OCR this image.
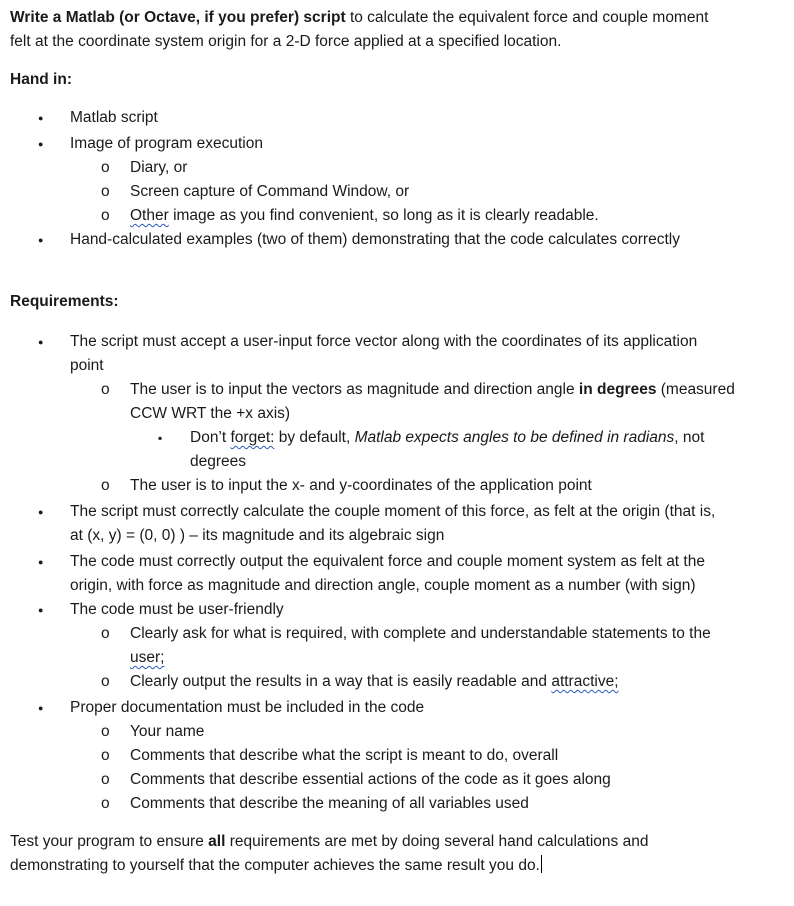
Write a Matlab (or Octave, if you prefer) script to calculate the equivalent force and couple moment
felt at the coordinate system origin for a 2-D force applied at a specified location.
Hand in:
● Matlab script
● Image of program execution
o Diary, or
o Screen capture of Command Window, or
o Other image as you find convenient, so long as it is clearly readable.
● Hand-calculated examples (two of them) demonstrating that the code calculates correctly
Requirements:
● The script must accept a user-input force vector along with the coordinates of its application
point
o The user is to input the vectors as magnitude and direction angle in degrees (measured
CCW WRT the +x axis)
▪ Don’t forget: by default, Matlab expects angles to be defined in radians, not
degrees
o The user is to input the x- and y-coordinates of the application point
● The script must correctly calculate the couple moment of this force, as felt at the origin (that is,
at (x, y) = (0, 0) ) – its magnitude and its algebraic sign
● The code must correctly output the equivalent force and couple moment system as felt at the
origin, with force as magnitude and direction angle, couple moment as a number (with sign)
● The code must be user-friendly
o Clearly ask for what is required, with complete and understandable statements to the
user;
o Clearly output the results in a way that is easily readable and attractive;
● Proper documentation must be included in the code
o Your name
o Comments that describe what the script is meant to do, overall
o Comments that describe essential actions of the code as it goes along
o Comments that describe the meaning of all variables used
Test your program to ensure all requirements are met by doing several hand calculations and
demonstrating to yourself that the computer achieves the same result you do.
